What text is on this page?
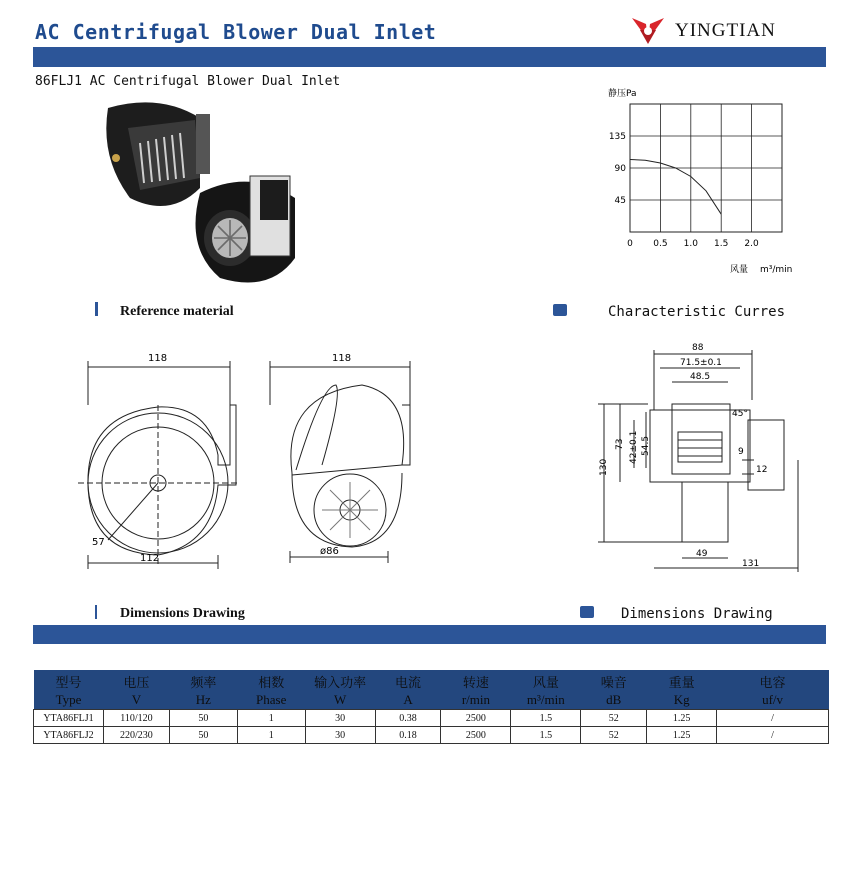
AC Centrifugal Blower Dual Inlet	YINGTIAN
86FLJ1 AC Centrifugal Blower Dual Inlet
静压Pa
135
90
45
0 0.5 1.0 1.5 2.0
风量 m³/min
Reference material	Characteristic Curres
118
57
112
118
ø86
88
71.5±0.1
48.5
130
73 42±0.1 54.5
45°
9
12
49
131
Dimensions Drawing	Dimensions Drawing
型号	电压	频率	相数	输入功率	电流	转速	风量	噪音	重量	电容
Type	V	Hz	Phase	W	A	r/min	m³/min	dB	Kg	uf/v
YTA86FLJ1	110/120	50	1	30	0.38	2500	1.5	52	1.25	/
YTA86FLJ2	220/230	50	1	30	0.18	2500	1.5	52	1.25	/
